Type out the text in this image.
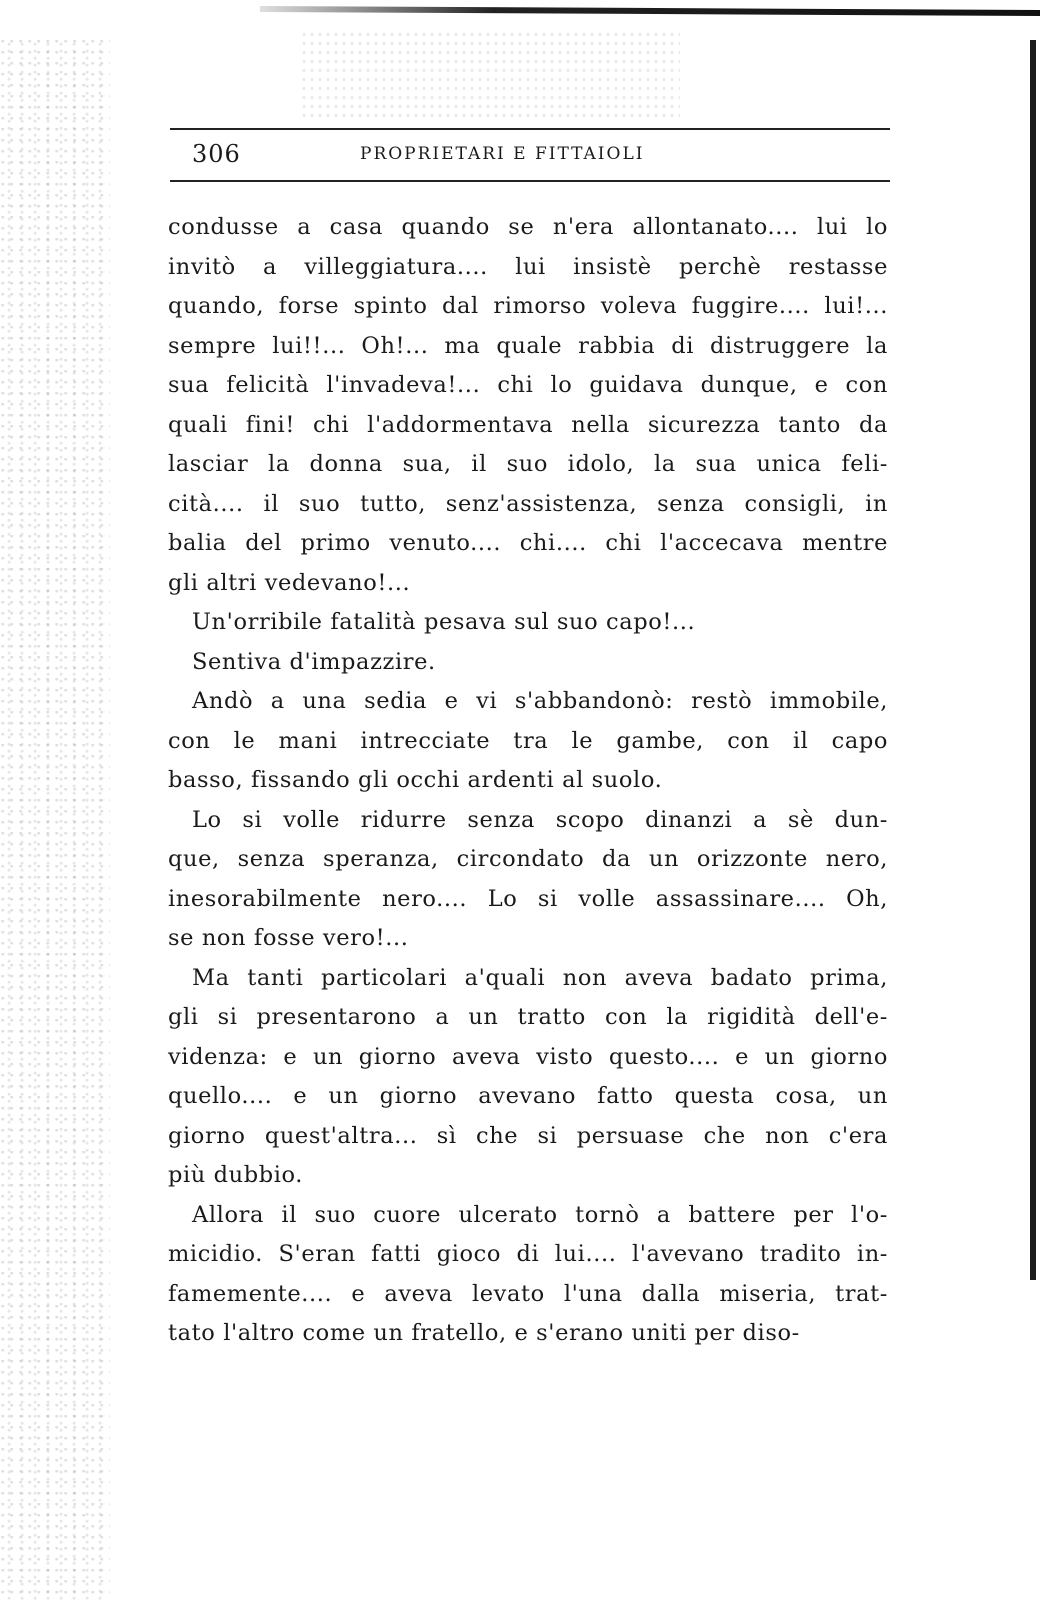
306	PROPRIETARI E FITTAIOLI
condusse a casa quando se n'era allontanato.... lui lo
invitò a villeggiatura.... lui insistè perchè restasse
quando, forse spinto dal rimorso voleva fuggire.... lui!...
sempre lui!!... Oh!... ma quale rabbia di distruggere la
sua felicità l'invadeva!... chi lo guidava dunque, e con
quali fini! chi l'addormentava nella sicurezza tanto da
lasciar la donna sua, il suo idolo, la sua unica feli-
cità.... il suo tutto, senz'assistenza, senza consigli, in
balia del primo venuto.... chi.... chi l'accecava mentre
gli altri vedevano!...
Un'orribile fatalità pesava sul suo capo!...
Sentiva d'impazzire.
Andò a una sedia e vi s'abbandonò: restò immobile,
con le mani intrecciate tra le gambe, con il capo
basso, fissando gli occhi ardenti al suolo.
Lo si volle ridurre senza scopo dinanzi a sè dun-
que, senza speranza, circondato da un orizzonte nero,
inesorabilmente nero.... Lo si volle assassinare.... Oh,
se non fosse vero!...
Ma tanti particolari a'quali non aveva badato prima,
gli si presentarono a un tratto con la rigidità dell'e-
videnza: e un giorno aveva visto questo.... e un giorno
quello.... e un giorno avevano fatto questa cosa, un
giorno quest'altra... sì che si persuase che non c'era
più dubbio.
Allora il suo cuore ulcerato tornò a battere per l'o-
micidio. S'eran fatti gioco di lui.... l'avevano tradito in-
famemente.... e aveva levato l'una dalla miseria, trat-
tato l'altro come un fratello, e s'erano uniti per diso-
